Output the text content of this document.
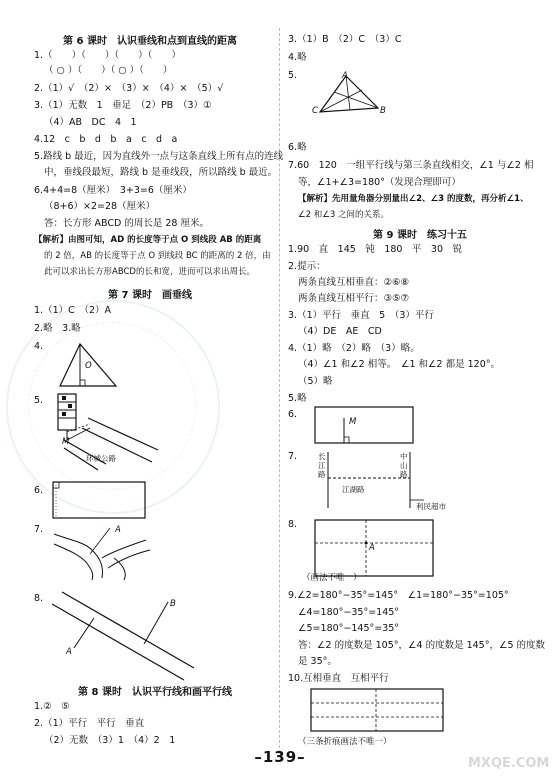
第 6 课时　认识垂线和点到直线的距离
1.（　　）（　　）（　　）（　　）
（ ○ ）（　　）（ ○ ）（　　）
2.（1）√　（2）×　（3）×　（4）×　（5）√
3.（1）无数　1　垂足　（2）PB　（3）①
（4）AB　DC　4　1
4.12　c　b　d　b　a　c　d　a
5.路线 b 最近，因为直线外一点与这条直线上所有点的连线
中，垂线段最短，路线 b 是垂线段，所以路线 b 最近。
6.4+4=8（厘米）　3+3=6（厘米）
（8+6）×2=28（厘米）
答：长方形 ABCD 的周长是 28 厘米。
【解析】由图可知，AD 的长度等于点 O 到线段 AB 的距离
的 2 倍，AB 的长度等于点 O 到线段 BC 的距离的 2 倍，由
此可以求出长方形ABCD的长和宽，进而可以求出周长。
第 7 课时　画垂线
1.（1）C　（2）A
2.略　3.略
4.
O
5.
M
环城公路
6.
7.	A
8.	B
A
第 8 课时　认识平行线和画平行线
1.②　⑤
2.（1）平行　平行　垂直
（2）无数　（3）1　（4）2　1
3.（1）B　（2）C　（3）C
4.略
5.	A
B
C
6.略
7.60　120　一组平行线与第三条直线相交，∠1 与∠2 相
等，∠1+∠3=180°（发现合理即可）
【解析】先用量角器分别量出∠2、∠3 的度数，再分析∠1、
∠2 和∠3 之间的关系。
第 9 课时　练习十五
1.90　直　145　钝　180　平　30　锐
2.提示：
两条直线互相垂直：②⑥⑧
两条直线互相平行：③⑤⑦
3.（1）平行　垂直　5　（3）平行
（4）DE　AE　CD
4.（1）略　（2）略　（3）略。
（4）∠1 和∠2 相等。　∠1 和∠2 都是 120°。
（5）略
5.略
6.
M
7.	长江路
中山路
江湖路
利民超市
8.
A
（画法不唯一）
9.∠2=180°−35°=145°　∠1=180°−35°=105°
∠4=180°−35°=145°
∠5=180°−145°=35°
答：∠2 的度数是 105°，∠4 的度数是 145°，∠5 的度数
是 35°。
10.互相垂直　互相平行
（三条折痕画法不唯一）
–139–	MXQE.COM
